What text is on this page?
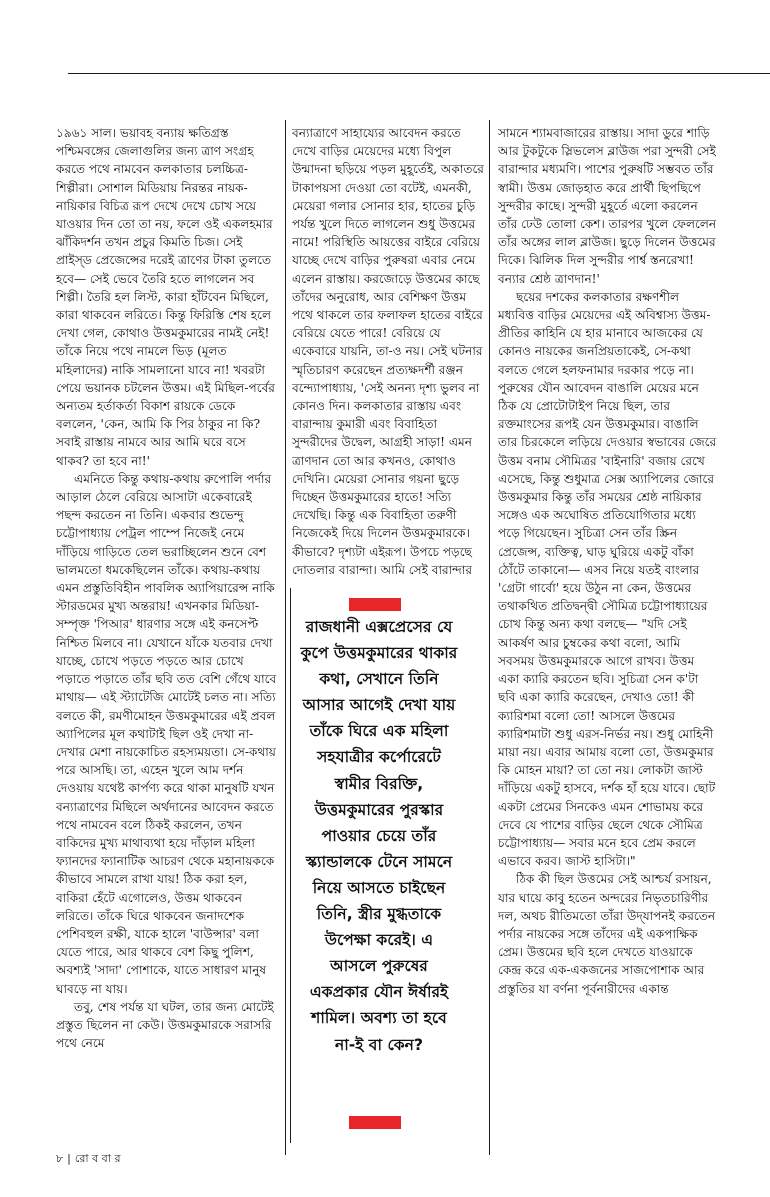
১৯৬১ সাল। ভয়াবহ বন্যায় ক্ষতিগ্রস্ত পশ্চিমবঙ্গের জেলাগুলির জন্য ত্রাণ সংগ্রহ করতে পথে নামবেন কলকাতার চলচ্চিত্র-শিল্পীরা। সোশাল মিডিয়ায় নিরন্তর নায়ক-নায়িকার বিচিত্র রূপ দেখে দেখে চোখ সয়ে যাওয়ার দিন তো তা নয়, ফলে ওই একলহমার ঝাঁকিদর্শন তখন প্রচুর কিমতি চিজ। সেই প্রাইস্ড প্রেজেন্সের দরেই ত্রাণের টাকা তুলতে হবে— সেই ভেবে তৈরি হতে লাগলেন সব শিল্পী। তৈরি হল লিস্ট, কারা হাঁটবেন মিছিলে, কারা থাকবেন লরিতে। কিন্তু ফিরিস্তি শেষ হলে দেখা গেল, কোথাও উত্তমকুমারের নামই নেই! তাঁকে নিয়ে পথে নামলে ভিড় (মূলত মহিলাদের) নাকি সামলানো যাবে না! খবরটা পেয়ে ভয়ানক চটলেন উত্তম। এই মিছিল-পর্বের অন্যতম হর্তাকর্তা বিকাশ রায়কে ডেকে বললেন, 'কেন, আমি কি পির ঠাকুর না কি? সবাই রাস্তায় নামবে আর আমি ঘরে বসে থাকব? তা হবে না!'

এমনিতে কিন্তু কথায়-কথায় রুপোলি পর্দার আড়াল ঠেলে বেরিয়ে আসাটা একেবারেই পছন্দ করতেন না তিনি। একবার শুভেন্দু চট্টোপাধ্যায় পেট্রল পাম্পে নিজেই নেমে দাঁড়িয়ে গাড়িতে তেল ভরাচ্ছিলেন শুনে বেশ ভালমতো ধমকেছিলেন তাঁকে। কথায়-কথায় এমন প্রস্তুতিবিহীন পাবলিক অ্যাপিয়ারেন্স নাকি স্টারডমের মুখ্য অন্তরায়! এখনকার মিডিয়া-সম্পৃক্ত 'পিআর' ধারণার সঙ্গে এই কনসেপ্ট নিশ্চিত মিলবে না। যেখানে যাঁকে যতবার দেখা যাচ্ছে, চোখে পড়তে পড়তে আর চোখে পড়াতে পড়াতে তাঁর ছবি তত বেশি গেঁথে যাবে মাথায়— এই স্ট্যাটেজি মোটেই চলত না। সত্যি বলতে কী, রমণীমোহন উত্তমকুমারের এই প্রবল অ্যাপিলের মূল কথাটাই ছিল ওই দেখা না-দেখার মেশা নায়কোচিত রহস্যময়তা। সে-কথায় পরে আসছি। তা, এহেন খুলে আম দর্শন দেওয়ায় যথেষ্ট কার্পণ্য করে থাকা মানুষটি যখন বন্যাত্রাণের মিছিলে অর্থদানের আবেদন করতে পথে নামবেন বলে ঠিকই করলেন, তখন বাকিদের মুখ্য মাথাব্যথা হয়ে দাঁড়াল মহিলা ফ্যানদের ফ্যানাটিক আচরণ থেকে মহানায়ককে কীভাবে সামলে রাখা যায়! ঠিক করা হল, বাকিরা হেঁটে এগোলেও, উত্তম থাকবেন লরিতে। তাঁকে ঘিরে থাকবেন জনাদশেক পেশিবহুল রক্ষী, যাকে হালে 'বাউন্সার' বলা যেতে পারে, আর থাকবে বেশ কিছু পুলিশ, অবশ্যই 'সাদা' পোশাকে, যাতে সাধারণ মানুষ ঘাবড়ে না যায়।

তবু, শেষ পর্যন্ত যা ঘটল, তার জন্য মোটেই প্রস্তুত ছিলেন না কেউ। উত্তমকুমারকে সরাসরি পথে নেমে

বন্যাত্রাণে সাহায্যের আবেদন করতে দেখে বাড়ির মেয়েদের মধ্যে বিপুল উন্মাদনা ছড়িয়ে পড়ল মুহূর্তেই, অকাতরে টাকাপয়সা দেওয়া তো বটেই, এমনকী, মেয়েরা গলার সোনার হার, হাতের চুড়ি পর্যন্ত খুলে দিতে লাগলেন শুধু উত্তমের নামে! পরিস্থিতি আয়ত্তের বাইরে বেরিয়ে যাচ্ছে দেখে বাড়ির পুরুষরা এবার নেমে এলেন রাস্তায়। করজোড়ে উত্তমের কাছে তাঁদের অনুরোধ, আর বেশিক্ষণ উত্তম পথে থাকলে তার ফলাফল হাতের বাইরে বেরিয়ে যেতে পারে! বেরিয়ে যে একেবারে যায়নি, তা-ও নয়। সেই ঘটনার স্মৃতিচারণ করেছেন প্রত্যক্ষদর্শী রঞ্জন বন্দ্যোপাধ্যায়, 'সেই অনন্য দৃশ্য ভুলব না কোনও দিন। কলকাতার রাস্তায় এবং বারান্দায় কুমারী এবং বিবাহিতা সুন্দরীদের উদ্বেল, আগ্রহী সাড়া! এমন ত্রাণদান তো আর কখনও, কোথাও দেখিনি। মেয়েরা সোনার গয়না ছুড়ে দিচ্ছেন উত্তমকুমারের হাতে! সত্যি দেখেছি। কিন্তু এক বিবাহিতা তরুণী নিজেকেই দিয়ে দিলেন উত্তমকুমারকে। কীভাবে? দৃশ্যটা এইরূপ। উপচে পড়ছে দোতলার বারান্দা। আমি সেই বারান্দার

রাজধানী এক্সপ্রেসের যে কুপে উত্তমকুমারের থাকার কথা, সেখানে তিনি আসার আগেই দেখা যায় তাঁকে ঘিরে এক মহিলা সহযাত্রীর কর্পোরেটে স্বামীর বিরক্তি, উত্তমকুমারের পুরস্কার পাওয়ার চেয়ে তাঁর স্ক্যান্ডালকে টেনে সামনে নিয়ে আসতে চাইছেন তিনি, স্ত্রীর মুগ্ধতাকে উপেক্ষা করেই। এ আসলে পুরুষের একপ্রকার যৌন ঈর্ষারই শামিল। অবশ্য তা হবে না-ই বা কেন?

সামনে শ্যামবাজারের রাস্তায়। সাদা ডুরে শাড়ি আর টুকটুকে স্লিভলেস ব্লাউজ পরা সুন্দরী সেই বারান্দার মধ্যমণি। পাশের পুরুষটি সম্ভবত তাঁর স্বামী। উত্তম জোড়হাত করে প্রার্থী ছিপছিপে সুন্দরীর কাছে। সুন্দরী মুহূর্তে এলো করলেন তাঁর ঢেউ তোলা কেশ। তারপর খুলে ফেললেন তাঁর অঙ্গের লাল ব্লাউজ। ছুড়ে দিলেন উত্তমের দিকে। ঝিলিক দিল সুন্দরীর পার্শ্ব স্তনরেখা! বন্যার শ্রেষ্ঠ ত্রাণদান!'

ছয়ের দশকের কলকাতার রক্ষণশীল মধ্যবিত্ত বাড়ির মেয়েদের এই অবিশ্বাস্য উত্তম-প্রীতির কাহিনি যে হার মানাবে আজকের যে কোনও নায়কের জনপ্রিয়তাকেই, সে-কথা বলতে গেলে হলফনামার দরকার পড়ে না। পুরুষের যৌন আবেদন বাঙালি মেয়ের মনে ঠিক যে প্রোটোটাইপ নিয়ে ছিল, তার রক্তমাংসের রূপই যেন উত্তমকুমার। বাঙালি তার চিরকেলে লড়িয়ে দেওয়ার স্বভাবের জেরে উত্তম বনাম সৌমিত্রর 'বাইনারি' বজায় রেখে এসেছে, কিন্তু শুধুমাত্র সেক্স অ্যাপিলের জোরে উত্তমকুমার কিন্তু তাঁর সময়ের শ্রেষ্ঠ নায়িকার সঙ্গেও এক অঘোষিত প্রতিযোগিতার মধ্যে পড়ে গিয়েছেন। সুচিত্রা সেন তাঁর স্ক্রিন প্রেজেন্স, ব্যক্তিত্ব, ঘাড় ঘুরিয়ে একটু বাঁকা ঠোঁটে তাকানো— এসব নিয়ে যতই বাংলার 'গ্রেটা গার্বো' হয়ে উঠুন না কেন, উত্তমের তথাকথিত প্রতিদ্বন্দ্বী সৌমিত্র চট্টোপাধ্যায়ের চোখ কিন্তু অন্য কথা বলছে— "যদি সেই আকর্ষণ আর চুম্বকের কথা বলো, আমি সবসময় উত্তমকুমারকে আগে রাখব। উত্তম একা ক্যারি করতেন ছবি। সুচিত্রা সেন ক'টা ছবি একা ক্যারি করেছেন, দেখাও তো! কী ক্যারিশমা বলো তো! আসলে উত্তমের ক্যারিশমাটা শুধু এরস-নির্ভর নয়। শুধু মোহিনী মায়া নয়। এবার আমায় বলো তো, উত্তমকুমার কি মোহন মায়া? তা তো নয়। লোকটা জাস্ট দাঁড়িয়ে একটু হাসবে, দর্শক হাঁ হয়ে যাবে। ছোট একটা প্রেমের সিনকেও এমন শোভাময় করে দেবে যে পাশের বাড়ির ছেলে থেকে সৌমিত্র চট্টোপাধ্যায়— সবার মনে হবে প্রেম করলে এভাবে করব। জাস্ট হাসিটা।"

ঠিক কী ছিল উত্তমের সেই আশ্চর্য রসায়ন, যার ঘায়ে কাবু হতেন অন্দরের নিভৃতচারিণীর দল, অথচ রীতিমতো তাঁরা উদ্‌যাপনই করতেন পর্দার নায়কের সঙ্গে তাঁদের এই একপাক্ষিক প্রেম। উত্তমের ছবি হলে দেখতে যাওয়াকে কেন্দ্র করে এক-একজনের সাজপোশাক আর প্রস্তুতির যা বর্ণনা পূর্বনারীদের একান্ত

৮ | রো ব বা র
